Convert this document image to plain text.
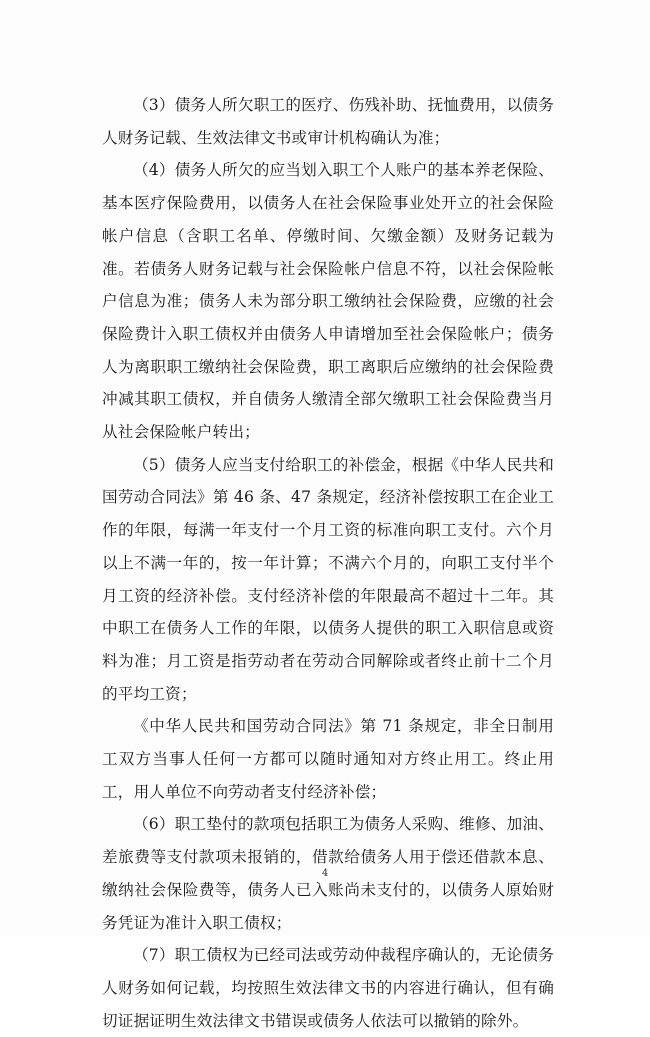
（3）债务人所欠职工的医疗、伤残补助、抚恤费用，以债务人财务记载、生效法律文书或审计机构确认为准；

（4）债务人所欠的应当划入职工个人账户的基本养老保险、基本医疗保险费用，以债务人在社会保险事业处开立的社会保险帐户信息（含职工名单、停缴时间、欠缴金额）及财务记载为准。若债务人财务记载与社会保险帐户信息不符，以社会保险帐户信息为准；债务人未为部分职工缴纳社会保险费，应缴的社会保险费计入职工债权并由债务人申请增加至社会保险帐户；债务人为离职职工缴纳社会保险费，职工离职后应缴纳的社会保险费冲减其职工债权，并自债务人缴清全部欠缴职工社会保险费当月从社会保险帐户转出；

（5）债务人应当支付给职工的补偿金，根据《中华人民共和国劳动合同法》第 46 条、47 条规定，经济补偿按职工在企业工作的年限，每满一年支付一个月工资的标准向职工支付。六个月以上不满一年的，按一年计算；不满六个月的，向职工支付半个月工资的经济补偿。支付经济补偿的年限最高不超过十二年。其中职工在债务人工作的年限，以债务人提供的职工入职信息或资料为准；月工资是指劳动者在劳动合同解除或者终止前十二个月的平均工资；

《中华人民共和国劳动合同法》第 71 条规定，非全日制用工双方当事人任何一方都可以随时通知对方终止用工。终止用工，用人单位不向劳动者支付经济补偿；

（6）职工垫付的款项包括职工为债务人采购、维修、加油、差旅费等支付款项未报销的，借款给债务人用于偿还借款本息、缴纳社会保险费等，债务人已入账尚未支付的，以债务人原始财务凭证为准计入职工债权；

（7）职工债权为已经司法或劳动仲裁程序确认的，无论债务人财务如何记载，均按照生效法律文书的内容进行确认，但有确切证据证明生效法律文书错误或债务人依法可以撤销的除外。

4
